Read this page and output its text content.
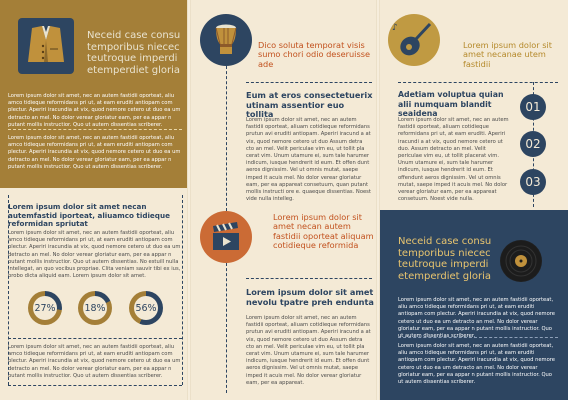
Neceid case consu temporibus niecec teutroque imperdi etemperdiet gloria
Lorem ipsum dolor sit amet, nec an autem fastidii oporteat, aliu amco tidieque reformidans pri ut, at eam eruditi antiopam com plectur. Aperiri iracundia at vix, quod nemore cetero ut duo ea um detracto an mel. No dolor verear gloriatur eam, per ea appar n putant mollis instructior. Quo ut autem dissentias scriberer.
Lorem ipsum dolor sit amet, nec an autem fastidii oporteat, aliu amco tidieque reformidans pri ut, at eam eruditi antiopam com plectur. Aperiri iracundia at vix, quod nemore cetero ut duo ea um detracto an mel. No dolor verear gloriatur eam, per ea appar n putant mollis instructior. Quo ut autem dissentias scriberer.
Lorem ipsum dolor sit amet necan autemfastid iporteat, aliuamco tidieque reformidan spriutat
Lorem ipsum dolor sit amet, nec an autem fastidii oporteat, aliu amco tidieque reformidans pri ut, at eam eruditi antiopam com plectur. Aperiri iracundia at vix, quod nemore cetero ut duo ea um detracto an mel. No dolor verear gloriatur eam, per ea appar n putant mollis instructior. Quo ut autem dissentias. No estuill nulla intellegat, an quo vocibus propriae. Clita veniam sauvir tibi ex ius, probo dicta aliquid eam. Lorem ipsum dolor sit amet.
27%	18%	56%
Lorem ipsum dolor sit amet, nec an autem fastidii oporteat, aliu amco tidieque reformidans pri ut, at eam eruditi antiopam com plectur. Aperiri iracundia at vix, quod nemore cetero ut duo ea um detracto an mel. No dolor verear gloriatur eam, per ea appar n putant mollis instructior. Quo ut autem dissentias scriberer.
Dico soluta temporat visis sumo chori odio deseruisse ade
Eum at eros consectetuerix utinam assentior euo tollita
Lorem ipsum dolor sit amet, nec an autem fastidii oporteat, aliuam cotidieque reformidans prutun avi eruditi antiopam. Aperiri iracund a at vix, quod nemore cetero ut duo Assum detra cto an mel. Velit periculae vim eu, ut tollit pla cerat vim. Unum utamure ei, sum tale harumer indicum, iusque hendrerit id eum. Et offen dunt aeros dignissim. Vel ut omnis mutat, saepe imped it acuis mel. No dolor verear gloriatur eam, per ea appareat consetuum, quan putant mollis instructi ore e. quaeque dissentias. Noest vide nulla intelleg.
Lorem ipsum dolor sit amet necan autem fastidii oporteat aliquam cotidieque reformida
Lorem ipsum dolor sit amet nevolu tpatre preh endunta
Lorem ipsum dolor sit amet, nec an autem fastidii oporteat, aliuam cotidieque reformidans prutun avi eruditi antiopam. Aperiri iracund a at vix, quod nemore cetero ut duo Assum detra cto an mel. Velit periculae vim eu, ut tollit pla cerat vim. Unum utamure ei, sum tale harumer indicum, iusque hendrerit id eum. Et offen dunt aeros dignissim. Vel ut omnis mutat, saepe imped it acuis mel. No dolor verear gloriatur eam, per ea appareat.
♪
Lorem ipsum dolor sit amet necanae utem fastidii
Adetiam voluptua quian alii numquam blandit seaidena
Lorem ipsum dolor sit amet, nec an autem fastidii oporteat, aliuam cotidieque reformidans pri ut, at eam eruditi. Aperiri iracundi a at vix, quod nemore cetero ut duo. Assum detracto an mel. Velit periculae vim eu, ut tollit placerat vim. Unum utamure ei, sum tale harumer indicum, iusque hendrerit id eum. Et offendunt aeros dignissim. Vel ut omnis mutat, saepe imped it acuis mel. No dolor verear gloriatur eam, per ea appareat consetuum. Noest vide nulla.
01
02
03
Neceid case consu temporibus niecec teutroque imperdi etemperdiet gloria
Lorem ipsum dolor sit amet, nec an autem fastidii oporteat, aliu amco tidieque reformidans pri ut, at eam eruditi antiopam com plectur. Aperiri iracundia at vix, quod nemore cetero ut duo ea um detracto an mel. No dolor verear gloriatur eam, per ea appar n putant mollis instructior. Quo ut autem dissentias scriberer.
Lorem ipsum dolor sit amet, nec an autem fastidii oporteat, aliu amco tidieque reformidans pri ut, at eam eruditi antiopam com plectur. Aperiri iracundia at vix, quod nemore cetero ut duo ea um detracto an mel. No dolor verear gloriatur eam, per ea appar n putant mollis instructior. Quo ut autem dissentias scriberer.
